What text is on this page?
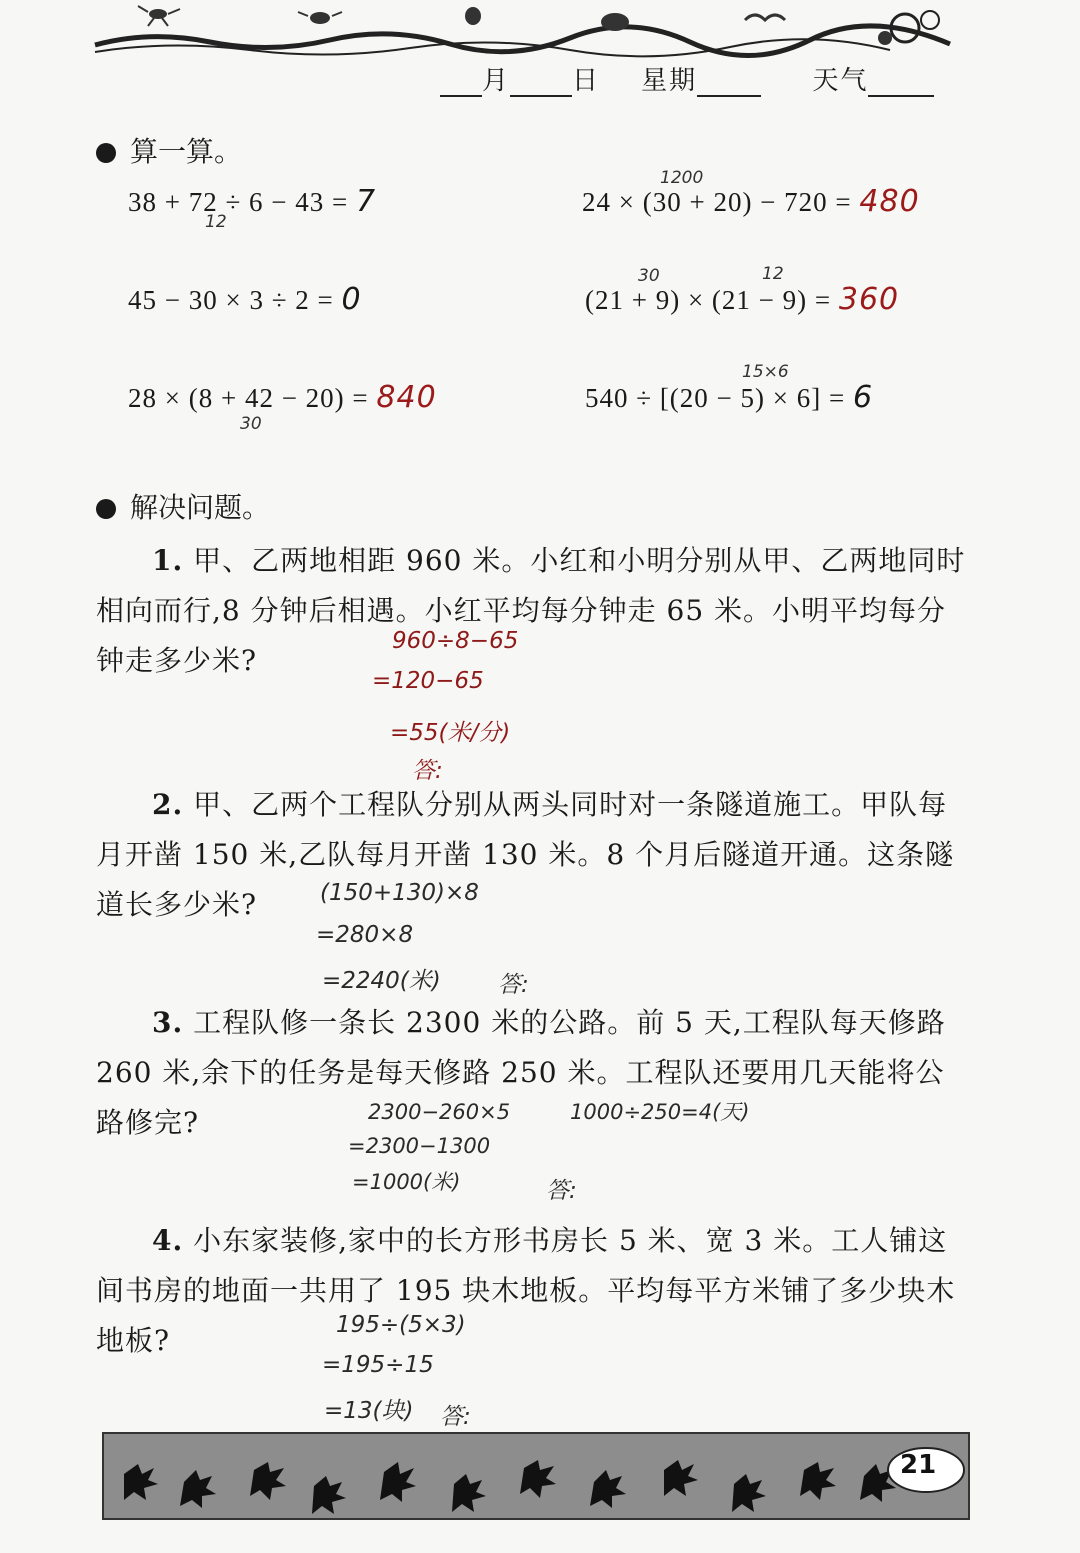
月 日 星期	天气
算一算。
38 + 72 ÷ 6 − 43 = 7
12
24 × (30 + 20) − 720 = 480
1200
45 − 30 × 3 ÷ 2 = 0	(21 + 9) × (21 − 9) = 360
30	12
28 × (8 + 42 − 20) = 840
30
540 ÷ [(20 − 5) × 6] = 6
15×6
解决问题。
1. 甲、乙两地相距 960 米。小红和小明分别从甲、乙两地同时相向而行,8 分钟后相遇。小红平均每分钟走 65 米。小明平均每分钟走多少米?
960÷8−65
=120−65
=55(米/分)
答:
2. 甲、乙两个工程队分别从两头同时对一条隧道施工。甲队每月开凿 150 米,乙队每月开凿 130 米。8 个月后隧道开通。这条隧道长多少米?	(150+130)×8
=280×8
=2240(米) 答:
3. 工程队修一条长 2300 米的公路。前 5 天,工程队每天修路 260 米,余下的任务是每天修路 250 米。工程队还要用几天能将公路修完?	2300−260×5
=2300−1300
=1000(米)
1000÷250=4(天)
答:
4. 小东家装修,家中的长方形书房长 5 米、宽 3 米。工人铺这间书房的地面一共用了 195 块木地板。平均每平方米铺了多少块木地板?	195÷(5×3)
=195÷15
=13(块) 答:
21
